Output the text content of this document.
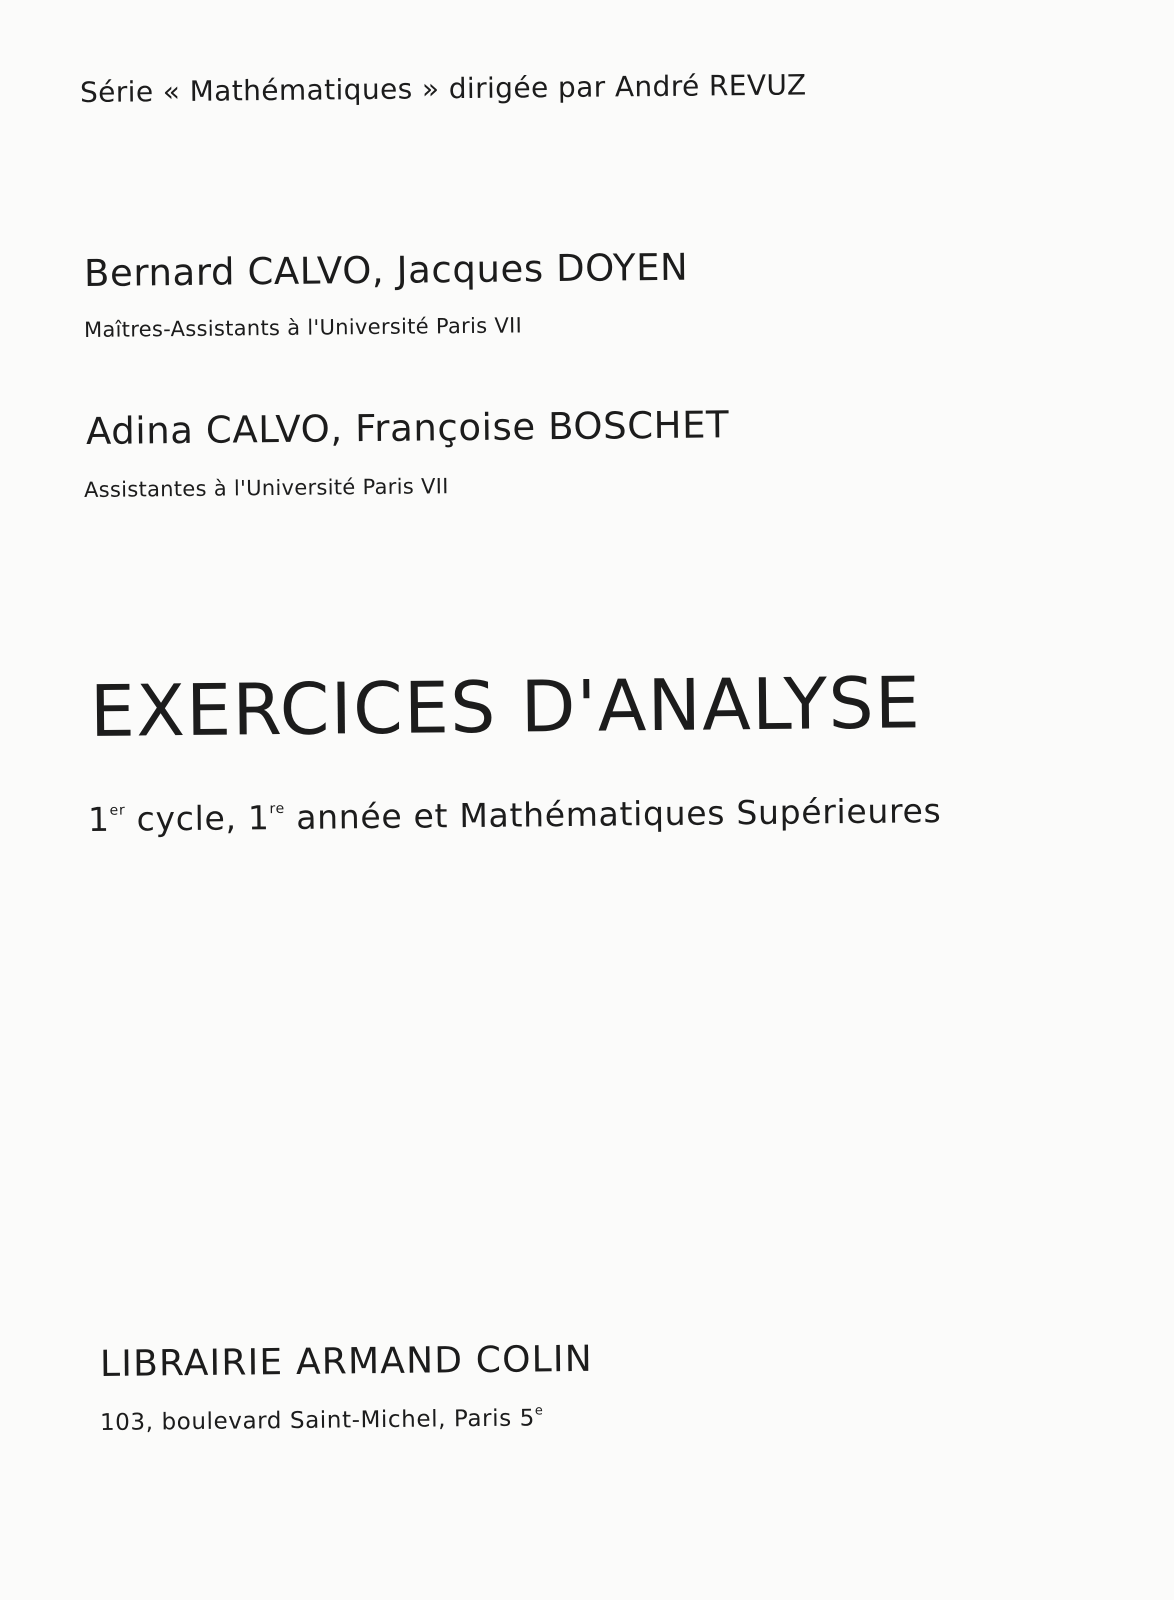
Série « Mathématiques » dirigée par André REVUZ

Bernard CALVO, Jacques DOYEN

Maîtres-Assistants à l'Université Paris VII

Adina CALVO, Françoise BOSCHET

Assistantes à l'Université Paris VII

EXERCICES D'ANALYSE

1er cycle, 1re année et Mathématiques Supérieures

LIBRAIRIE ARMAND COLIN

103, boulevard Saint-Michel, Paris 5e
